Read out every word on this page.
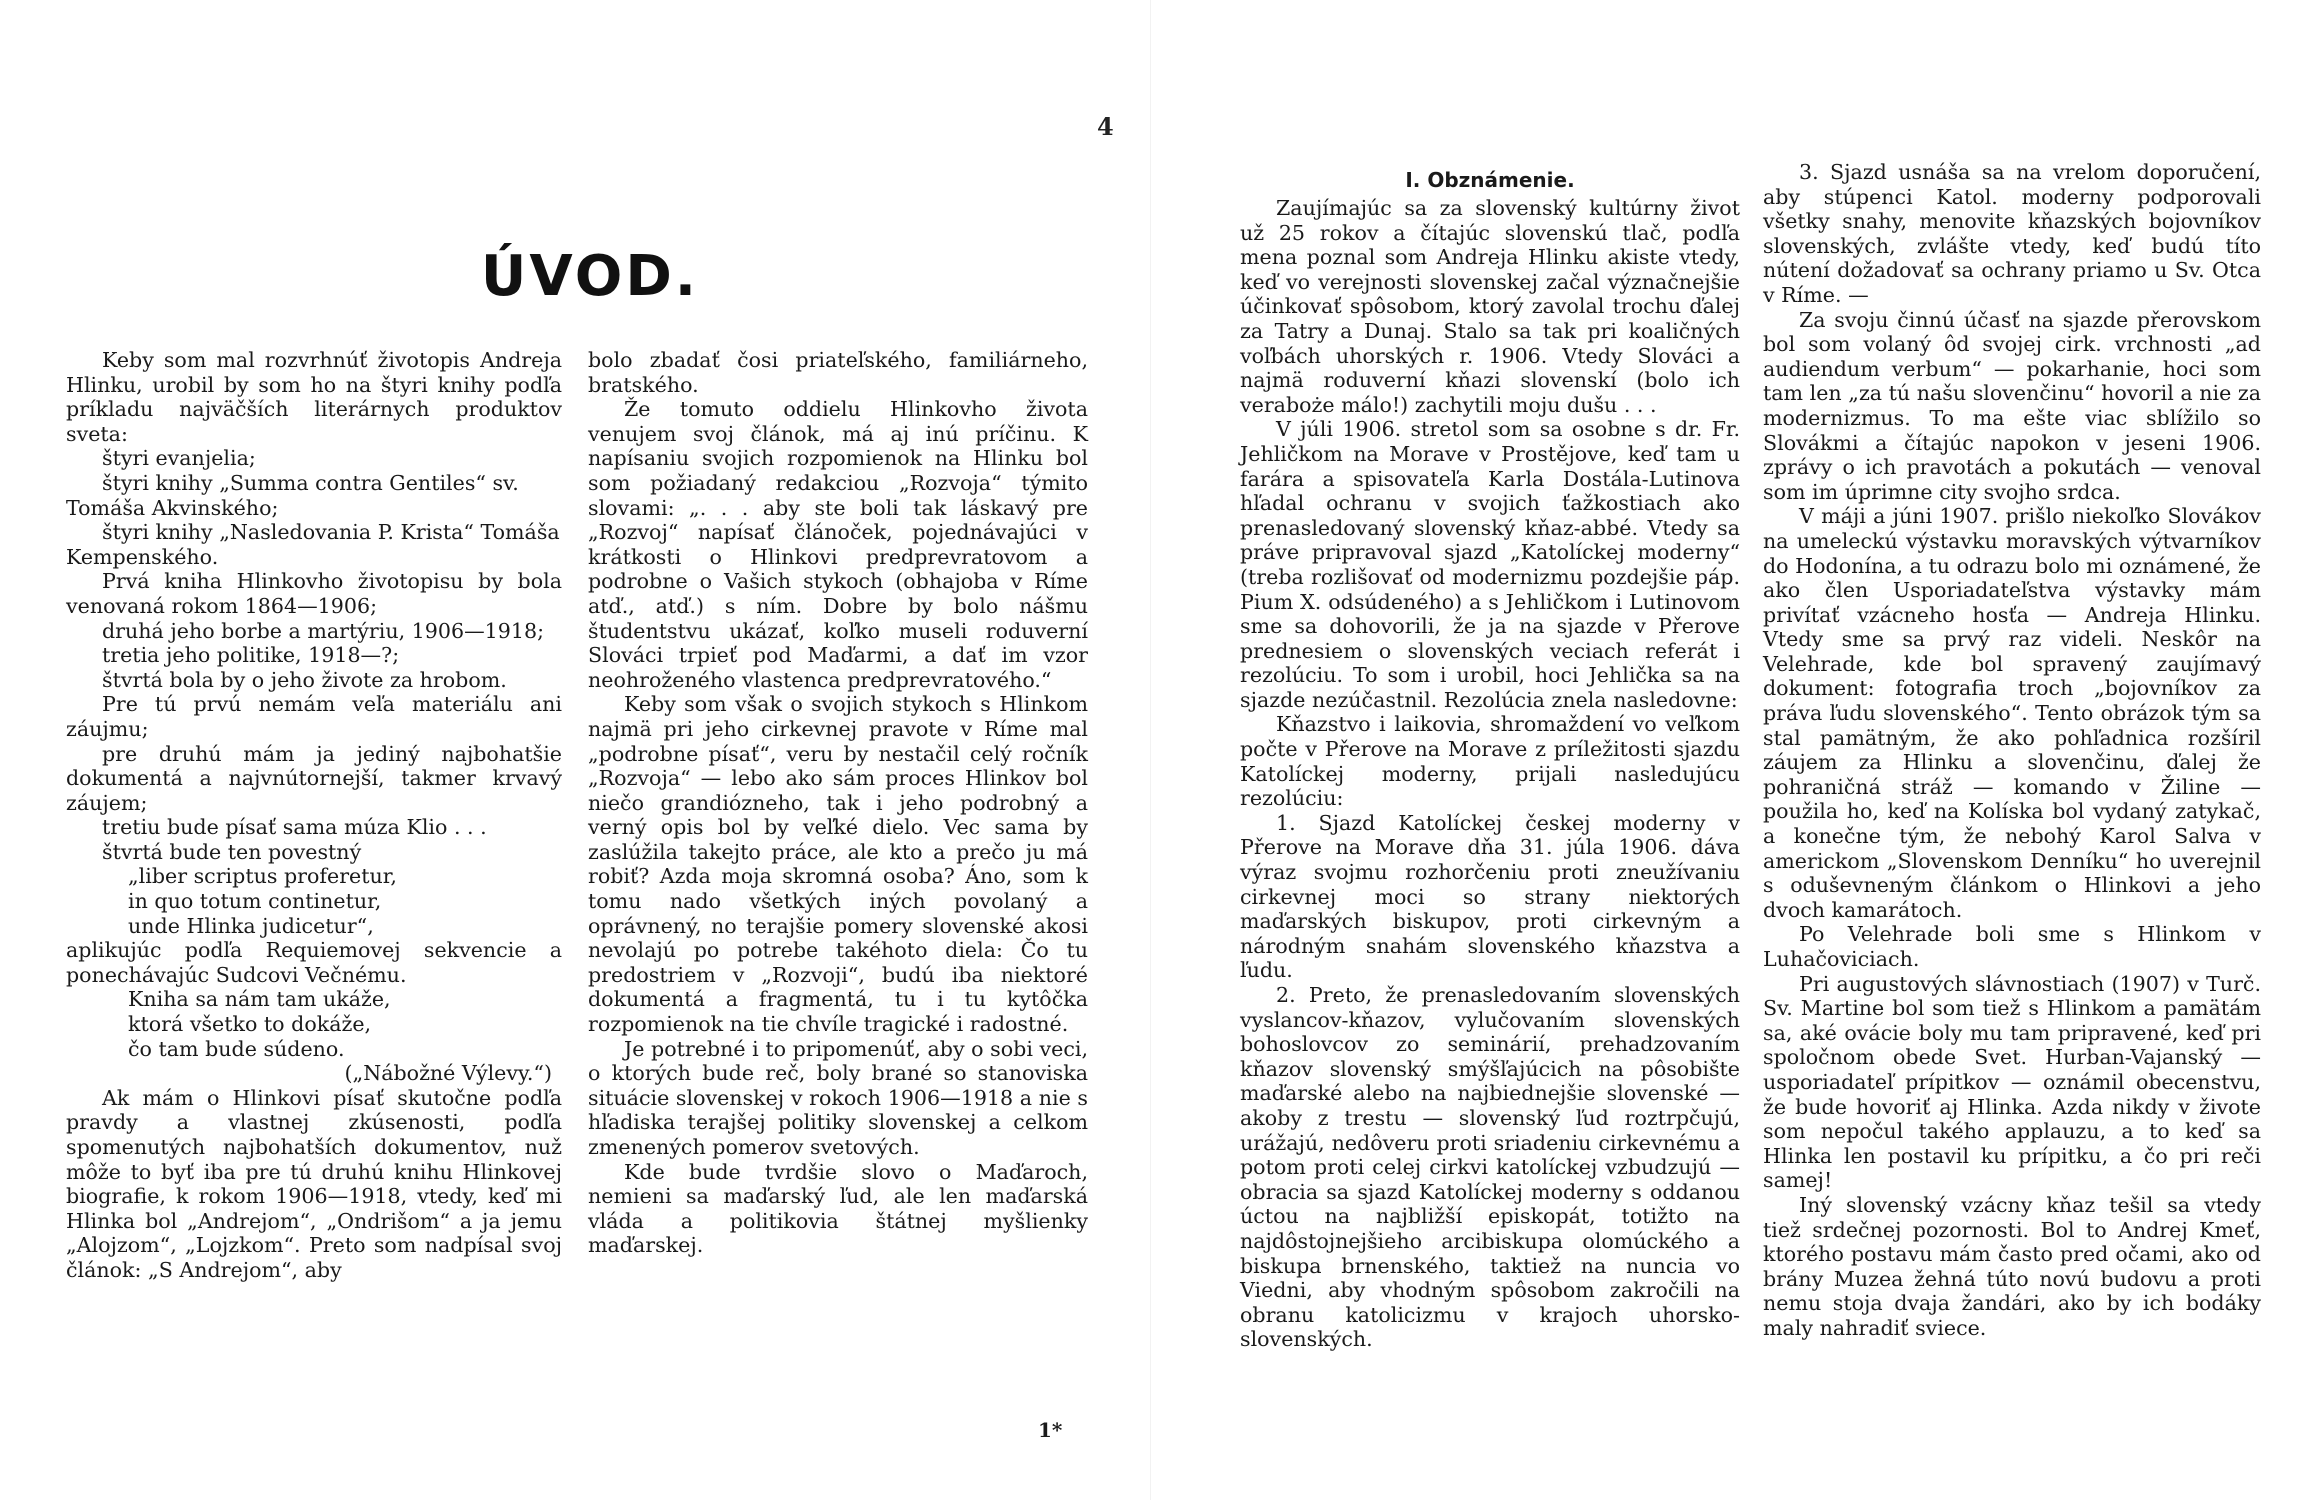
ÚVOD.

Keby som mal rozvrhnúť životopis Andreja Hlinku, urobil by som ho na štyri knihy podľa príkladu najväčších literárnych produktov sveta:

štyri evanjelia;

štyri knihy „Summa contra Gentiles“ sv. Tomáša Akvinského;

štyri knihy „Nasledovania P. Krista“ Tomáša Kempenského.

Prvá kniha Hlinkovho životopisu by bola venovaná rokom 1864—1906;

druhá jeho borbe a martýriu, 1906—1918;

tretia jeho politike, 1918—?;

štvrtá bola by o jeho živote za hrobom.

Pre tú prvú nemám veľa materiálu ani záujmu;

pre druhú mám ja jediný najbohatšie dokumentá a najvnútornejší, takmer krvavý záujem;

tretiu bude písať sama múza Klio . . .

štvrtá bude ten povestný

„liber scriptus proferetur,

in quo totum continetur,

unde Hlinka judicetur“,

aplikujúc podľa Requiemovej sekvencie a ponechávajúc Sudcovi Večnému.

Kniha sa nám tam ukáže,

ktorá všetko to dokáže,

čo tam bude súdeno.

(„Nábožné Výlevy.“)

Ak mám o Hlinkovi písať skutočne podľa pravdy a vlastnej zkúsenosti, podľa spomenutých najbohatších dokumentov, nuž môže to byť iba pre tú druhú knihu Hlinkovej biografie, k rokom 1906—1918, vtedy, keď mi Hlinka bol „Andrejom“, „Ondrišom“ a ja jemu „Alojzom“, „Lojzkom“. Preto som nadpísal svoj článok: „S Andrejom“, aby

bolo zbadať čosi priateľského, familiárneho, bratského.

Že tomuto oddielu Hlinkovho života venujem svoj článok, má aj inú príčinu. K napísaniu svojich rozpomienok na Hlinku bol som požiadaný redakciou „Rozvoja“ týmito slovami: „. . . aby ste boli tak láskavý pre „Rozvoj“ napísať článoček, pojednávajúci v krátkosti o Hlinkovi predprevratovom a podrobne o Vašich stykoch (obhajoba v Ríme atď., atď.) s ním. Dobre by bolo nášmu študentstvu ukázať, koľko museli roduverní Slováci trpieť pod Maďarmi, a dať im vzor neohroženého vlastenca predprevratového.“

Keby som však o svojich stykoch s Hlinkom najmä pri jeho cirkevnej pravote v Ríme mal „podrobne písať“, veru by nestačil celý ročník „Rozvoja“ — lebo ako sám proces Hlinkov bol niečo grandiózneho, tak i jeho podrobný a verný opis bol by veľké dielo. Vec sama by zaslúžila takejto práce, ale kto a prečo ju má robiť? Azda moja skromná osoba? Áno, som k tomu nado všetkých iných povolaný a oprávnený, no terajšie pomery slovenské akosi nevolajú po potrebe takéhoto diela: Čo tu predostriem v „Rozvoji“, budú iba niektoré dokumentá a fragmentá, tu i tu kytôčka rozpomienok na tie chvíle tragické i radostné.

Je potrebné i to pripomenúť, aby o sobi veci, o ktorých bude reč, boly brané so stanoviska situácie slovenskej v rokoch 1906—1918 a nie s hľadiska terajšej politiky slovenskej a celkom zmenených pomerov svetových.

Kde bude tvrdšie slovo o Maďaroch, nemieni sa maďarský ľud, ale len maďarská vláda a politikovia štátnej myšlienky maďarskej.

1*

4

I. Obznámenie.

Zaujímajúc sa za slovenský kultúrny život už 25 rokov a čítajúc slovenskú tlač, podľa mena poznal som Andreja Hlinku akiste vtedy, keď vo verejnosti slovenskej začal význačnejšie účinkovať spôsobom, ktorý zavolal trochu ďalej za Tatry a Dunaj. Stalo sa tak pri koaličných voľbách uhorských r. 1906. Vtedy Slováci a najmä roduverní kňazi slovenskí (bolo ich veraboże málo!) zachytili moju dušu . . .

V júli 1906. stretol som sa osobne s dr. Fr. Jehličkom na Morave v Prostějove, keď tam u farára a spisovateľa Karla Dostála-Lutinova hľadal ochranu v svojich ťažkostiach ako prenasledovaný slovenský kňaz-abbé. Vtedy sa práve pripravoval sjazd „Katolíckej moderny“ (treba rozlišovať od modernizmu pozdejšie páp. Pium X. odsúdeného) a s Jehličkom i Lutinovom sme sa dohovorili, že ja na sjazde v Přerove prednesiem o slovenských veciach referát i rezolúciu. To som i urobil, hoci Jehlička sa na sjazde nezúčastnil. Rezolúcia znela nasledovne:

Kňazstvo i laikovia, shromaždení vo veľkom počte v Přerove na Morave z príležitosti sjazdu Katolíckej moderny, prijali nasledujúcu rezolúciu:

1. Sjazd Katolíckej českej moderny v Přerove na Morave dňa 31. júla 1906. dáva výraz svojmu rozhorčeniu proti zneužívaniu cirkevnej moci so strany niektorých maďarských biskupov, proti cirkevným a národným snahám slovenského kňazstva a ľudu.

2. Preto, že prenasledovaním slovenských vyslancov-kňazov, vylučovaním slovenských bohoslovcov zo seminárií, prehadzovaním kňazov slovenský smýšľajúcich na pôsobište maďarské alebo na najbiednejšie slovenské — akoby z trestu — slovenský ľud roztrpčujú, urážajú, nedôveru proti sriadeniu cirkevnému a potom proti celej cirkvi katolíckej vzbudzujú — obracia sa sjazd Katolíckej moderny s oddanou úctou na najbližší episkopát, totižto na najdôstojnejšieho arcibiskupa olomúckého a biskupa brnenského, taktiež na nuncia vo Viedni, aby vhodným spôsobom zakročili na obranu katolicizmu v krajoch uhorsko-slovenských.

3. Sjazd usnáša sa na vrelom doporučení, aby stúpenci Katol. moderny podporovali všetky snahy, menovite kňazských bojovníkov slovenských, zvlášte vtedy, keď budú títo nútení dožadovať sa ochrany priamo u Sv. Otca v Ríme. —

Za svoju činnú účasť na sjazde přerovskom bol som volaný ôd svojej cirk. vrchnosti „ad audiendum verbum“ — pokarhanie, hoci som tam len „za tú našu slovenčinu“ hovoril a nie za modernizmus. To ma ešte viac sblížilo so Slovákmi a čítajúc napokon v jeseni 1906. zprávy o ich pravotách a pokutách — venoval som im úprimne city svojho srdca.

V máji a júni 1907. prišlo niekoľko Slovákov na umeleckú výstavku moravských výtvarníkov do Hodonína, a tu odrazu bolo mi oznámené, že ako člen Usporiadateľstva výstavky mám privítať vzácneho hosťa — Andreja Hlinku. Vtedy sme sa prvý raz videli. Neskôr na Velehrade, kde bol spravený zaujímavý dokument: fotografia troch „bojovníkov za práva ľudu slovenského“. Tento obrázok tým sa stal pamätným, že ako pohľadnica rozšíril záujem za Hlinku a slovenčinu, ďalej že pohraničná stráž — komando v Žiline — použila ho, keď na Kolíska bol vydaný zatykač, a konečne tým, že nebohý Karol Salva v americkom „Slovenskom Denníku“ ho uverejnil s oduševneným článkom o Hlinkovi a jeho dvoch kamarátoch.

Po Velehrade boli sme s Hlinkom v Luhačoviciach.

Pri augustových slávnostiach (1907) v Turč. Sv. Martine bol som tiež s Hlinkom a pamätám sa, aké ovácie boly mu tam pripravené, keď pri spoločnom obede Svet. Hurban-Vajanský — usporiadateľ prípitkov — oznámil obecenstvu, že bude hovoriť aj Hlinka. Azda nikdy v živote som nepočul takého applauzu, a to keď sa Hlinka len postavil ku prípitku, a čo pri reči samej!

Iný slovenský vzácny kňaz tešil sa vtedy tiež srdečnej pozornosti. Bol to Andrej Kmeť, ktorého postavu mám často pred očami, ako od brány Muzea žehná túto novú budovu a proti nemu stoja dvaja žandári, ako by ich bodáky maly nahradiť sviece.
